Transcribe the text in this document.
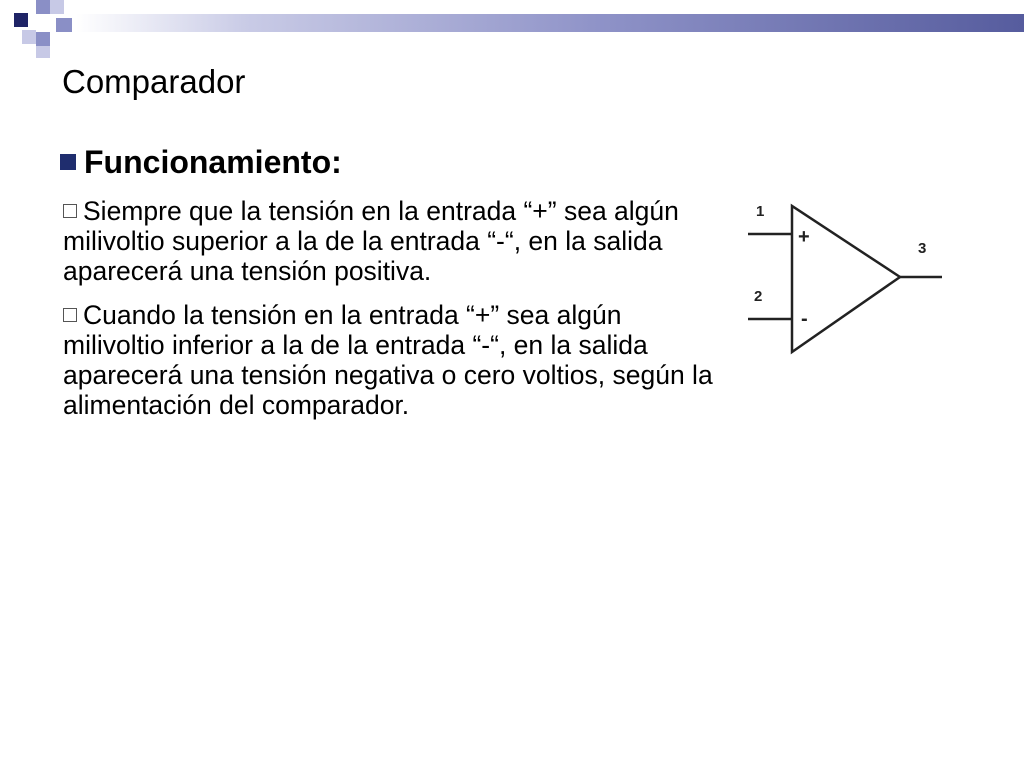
Comparador
Funcionamiento:
Siempre que la tensión en la entrada “+” sea algún milivoltio superior a la de la entrada “-“, en la salida aparecerá una tensión positiva.
Cuando la tensión en la entrada “+” sea algún milivoltio inferior a la de la entrada “-“, en la salida aparecerá una tensión negativa o cero voltios, según la alimentación del comparador.
1
2
3
+
-
